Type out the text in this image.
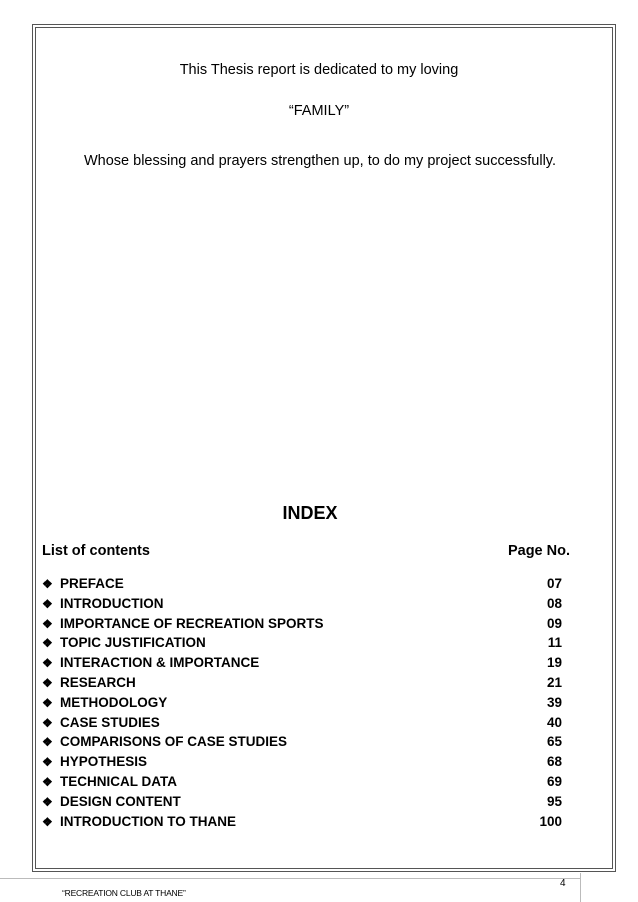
This Thesis report is dedicated to my loving
“FAMILY”
Whose blessing and prayers strengthen up, to do my project successfully.
INDEX
List of contents	Page No.
❖ PREFACE	07
❖ INTRODUCTION	08
❖ IMPORTANCE OF RECREATION SPORTS	09
❖ TOPIC JUSTIFICATION	11
❖ INTERACTION & IMPORTANCE	19
❖ RESEARCH	21
❖ METHODOLOGY	39
❖ CASE STUDIES	40
❖ COMPARISONS OF CASE STUDIES	65
❖ HYPOTHESIS	68
❖ TECHNICAL DATA	69
❖ DESIGN CONTENT	95
❖ INTRODUCTION TO THANE	100
4
“RECREATION CLUB AT THANE”
